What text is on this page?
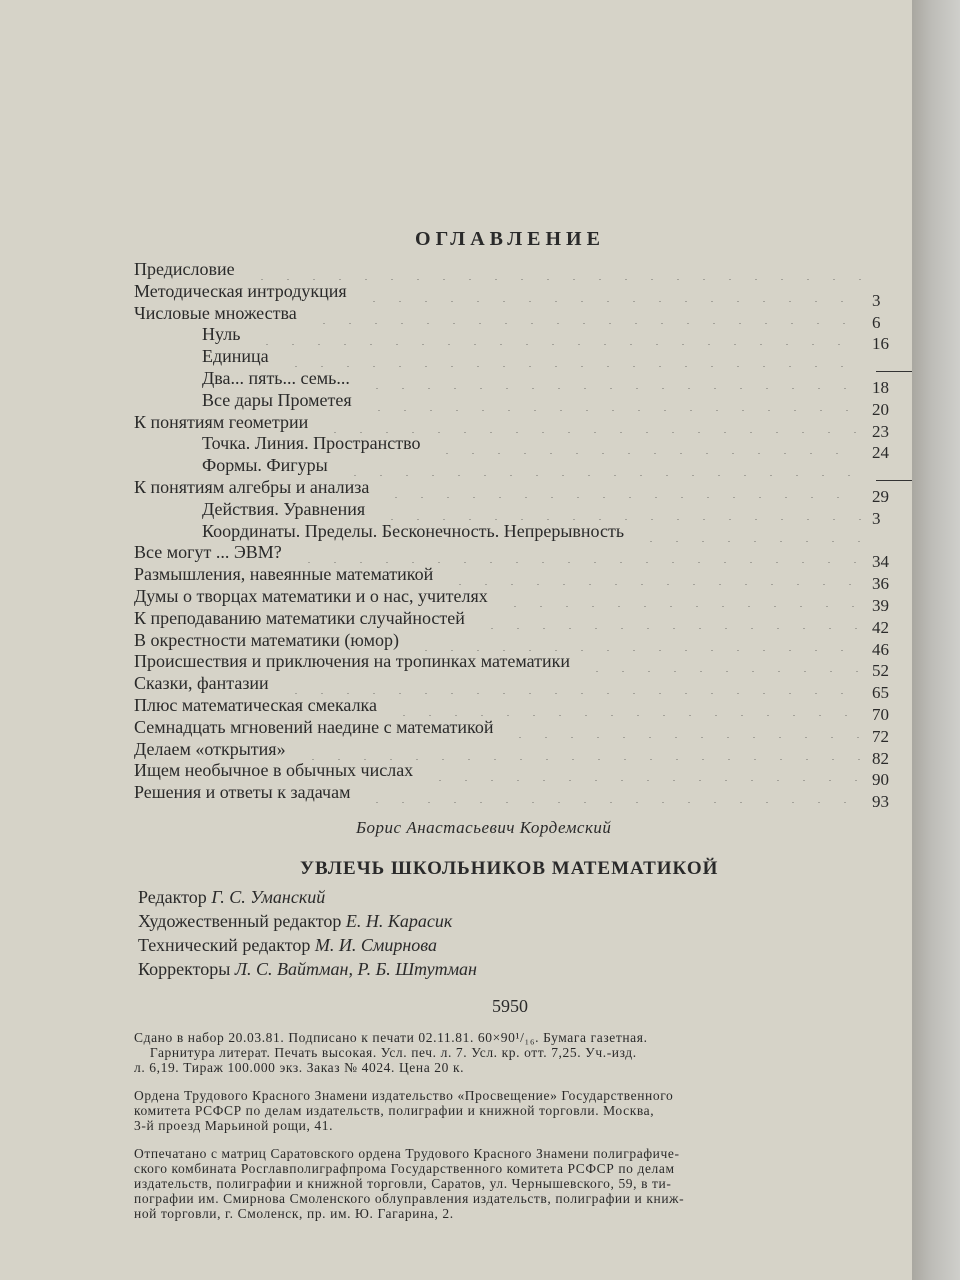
ОГЛАВЛЕНИЕ
Предисловие
Методическая интродукция
Числовые множества
Нуль
Единица
Два... пять... семь...
Все дары Прометея
К понятиям геометрии
Точка. Линия. Пространство
Формы. Фигуры
К понятиям алгебры и анализа
Действия. Уравнения
Координаты. Пределы. Бесконечность. Непрерывность
Все могут ... ЭВМ?
Размышления, навеянные математикой
Думы о творцах математики и о нас, учителях
К преподаванию математики случайностей
В окрестности математики (юмор)
Происшествия и приключения на тропинках математики
Сказки, фантазии
Плюс математическая смекалка
Семнадцать мгновений наедине с математикой
Делаем «открытия»
Ищем необычное в обычных числах
Решения и ответы к задачам
3
6
16
18
20
23
24
29
3
34
36
39
42
46
52
65
70
72
82
90
93
Борис Анастасьевич Кордемский
УВЛЕЧЬ ШКОЛЬНИКОВ МАТЕМАТИКОЙ
Редактор Г. С. Уманский
Художественный редактор Е. Н. Карасик
Технический редактор М. И. Смирнова
Корректоры Л. С. Вайтман, Р. Б. Штутман
5950
Сдано в набор 20.03.81. Подписано к печати 02.11.81. 60×90¹/₁₆. Бумага газетная.
Гарнитура литерат. Печать высокая. Усл. печ. л. 7. Усл. кр. отт. 7,25. Уч.-изд.
л. 6,19. Тираж 100.000 экз. Заказ № 4024. Цена 20 к.
Ордена Трудового Красного Знамени издательство «Просвещение» Государственного
комитета РСФСР по делам издательств, полиграфии и книжной торговли. Москва,
3-й проезд Марьиной рощи, 41.
Отпечатано с матриц Саратовского ордена Трудового Красного Знамени полиграфиче-
ского комбината Росглавполиграфпрома Государственного комитета РСФСР по делам
издательств, полиграфии и книжной торговли, Саратов, ул. Чернышевского, 59, в ти-
пографии им. Смирнова Смоленского облуправления издательств, полиграфии и книж-
ной торговли, г. Смоленск, пр. им. Ю. Гагарина, 2.
